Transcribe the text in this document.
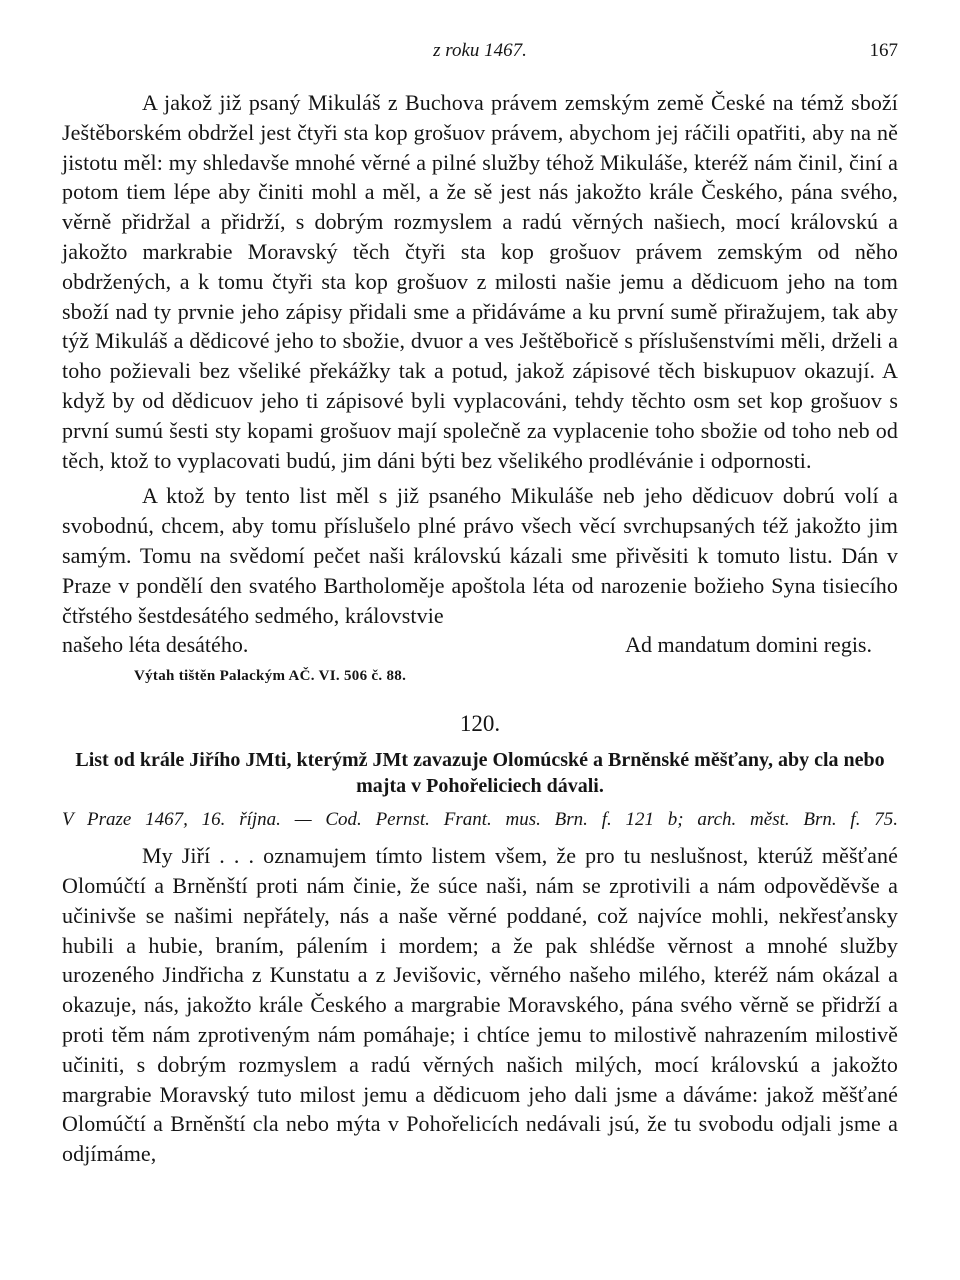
z roku 1467.	167

A jakož již psaný Mikuláš z Buchova právem zemským země České na témž sboží Ještěborském obdržel jest čtyři sta kop grošuov právem, abychom jej ráčili opatřiti, aby na ně jistotu měl: my shledavše mnohé věrné a pilné služby téhož Mikuláše, kteréž nám činil, činí a potom tiem lépe aby činiti mohl a měl, a že sě jest nás jakožto krále Českého, pána svého, věrně přidržal a přidrží, s dobrým rozmyslem a radú věrných našiech, mocí královskú a jakožto markrabie Moravský těch čtyři sta kop grošuov právem zemským od něho obdržených, a k tomu čtyři sta kop grošuov z milosti našie jemu a dědicuom jeho na tom sboží nad ty prvnie jeho zápisy přidali sme a přidáváme a ku první sumě přiražujem, tak aby týž Mikuláš a dědicové jeho to sbožie, dvuor a ves Ještěbořicě s příslušenstvími měli, drželi a toho požievali bez všeliké překážky tak a potud, jakož zápisové těch biskupuov okazují. A když by od dědicuov jeho ti zápisové byli vyplacováni, tehdy těchto osm set kop grošuov s první sumú šesti sty kopami grošuov mají společně za vyplacenie toho sbožie od toho neb od těch, ktož to vyplacovati budú, jim dáni býti bez všelikého prodlévánie i odpornosti.

A ktož by tento list měl s již psaného Mikuláše neb jeho dědicuov dobrú volí a svobodnú, chcem, aby tomu příslušelo plné právo všech věcí svrchupsaných též jakožto jim samým. Tomu na svědomí pečet naši královskú kázali sme přivěsiti k tomuto listu. Dán v Praze v pondělí den svatého Bartholoměje apoštola léta od narozenie božieho Syna tisiecího čtřstého šestdesátého sedmého, královstvie

našeho léta desátého.	Ad mandatum domini regis.
Výtah tištěn Palackým AČ. VI. 506 č. 88.
120.
List od krále Jiřího JMti, kterýmž JMt zavazuje Olomúcské a Brněnské měšťany, aby cla nebo majta v Pohořeliciech dávali.
V Praze 1467, 16. října. — Cod. Pernst. Frant. mus. Brn. f. 121 b; arch. měst. Brn. f. 75.

My Jiří . . . oznamujem tímto listem všem, že pro tu neslušnost, kterúž měšťané Olomúčtí a Brněnští proti nám činie, že súce naši, nám se zprotivili a nám odpověděvše a učinivše se našimi nepřátely, nás a naše věrné poddané, což najvíce mohli, nekřesťansky hubili a hubie, braním, pálením i mordem; a že pak shlédše věrnost a mnohé služby urozeného Jindřicha z Kunstatu a z Jevišovic, věrného našeho milého, kteréž nám okázal a okazuje, nás, jakožto krále Českého a margrabie Moravského, pána svého věrně se přidrží a proti těm nám zprotiveným nám pomáhaje; i chtíce jemu to milostivě nahrazením milostivě učiniti, s dobrým rozmyslem a radú věrných našich milých, mocí královskú a jakožto margrabie Moravský tuto milost jemu a dědicuom jeho dali jsme a dáváme: jakož měšťané Olomúčtí a Brněnští cla nebo mýta v Pohořelicích nedávali jsú, že tu svobodu odjali jsme a odjímáme,
